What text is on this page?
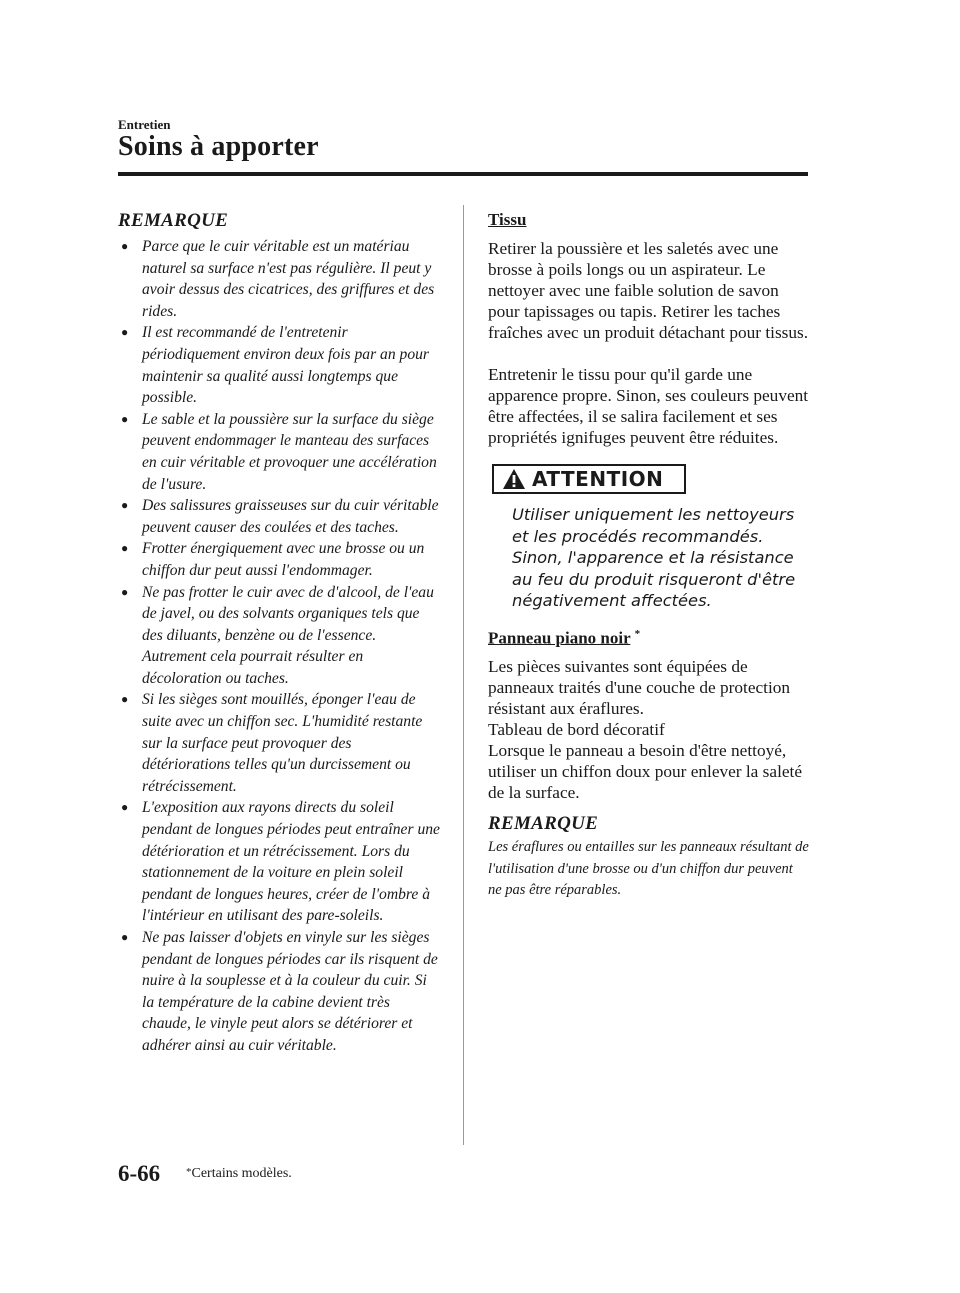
Entretien
Soins à apporter
REMARQUE
● Parce que le cuir véritable est un matériau naturel sa surface n'est pas régulière. Il peut y avoir dessus des cicatrices, des griffures et des rides.
● Il est recommandé de l'entretenir périodiquement environ deux fois par an pour maintenir sa qualité aussi longtemps que possible.
● Le sable et la poussière sur la surface du siège peuvent endommager le manteau des surfaces en cuir véritable et provoquer une accélération de l'usure.
● Des salissures graisseuses sur du cuir véritable peuvent causer des coulées et des taches.
● Frotter énergiquement avec une brosse ou un chiffon dur peut aussi l'endommager.
● Ne pas frotter le cuir avec de d'alcool, de l'eau de javel, ou des solvants organiques tels que des diluants, benzène ou de l'essence. Autrement cela pourrait résulter en décoloration ou taches.
● Si les sièges sont mouillés, éponger l'eau de suite avec un chiffon sec. L'humidité restante sur la surface peut provoquer des détériorations telles qu'un durcissement ou rétrécissement.
● L'exposition aux rayons directs du soleil pendant de longues périodes peut entraîner une détérioration et un rétrécissement. Lors du stationnement de la voiture en plein soleil pendant de longues heures, créer de l'ombre à l'intérieur en utilisant des pare-soleils.
● Ne pas laisser d'objets en vinyle sur les sièges pendant de longues périodes car ils risquent de nuire à la souplesse et à la couleur du cuir. Si la température de la cabine devient très chaude, le vinyle peut alors se détériorer et adhérer ainsi au cuir véritable.
Tissu

Retirer la poussière et les saletés avec une brosse à poils longs ou un aspirateur. Le nettoyer avec une faible solution de savon pour tapissages ou tapis. Retirer les taches fraîches avec un produit détachant pour tissus.

Entretenir le tissu pour qu'il garde une apparence propre. Sinon, ses couleurs peuvent être affectées, il se salira facilement et ses propriétés ignifuges peuvent être réduites.

ATTENTION

Utiliser uniquement les nettoyeurs et les procédés recommandés. Sinon, l'apparence et la résistance au feu du produit risqueront d'être négativement affectées.

Panneau piano noir *

Les pièces suivantes sont équipées de panneaux traités d'une couche de protection résistant aux éraflures.

Tableau de bord décoratif

Lorsque le panneau a besoin d'être nettoyé, utiliser un chiffon doux pour enlever la saleté de la surface.

REMARQUE

Les éraflures ou entailles sur les panneaux résultant de l'utilisation d'une brosse ou d'un chiffon dur peuvent ne pas être réparables.

6-66 *Certains modèles.
